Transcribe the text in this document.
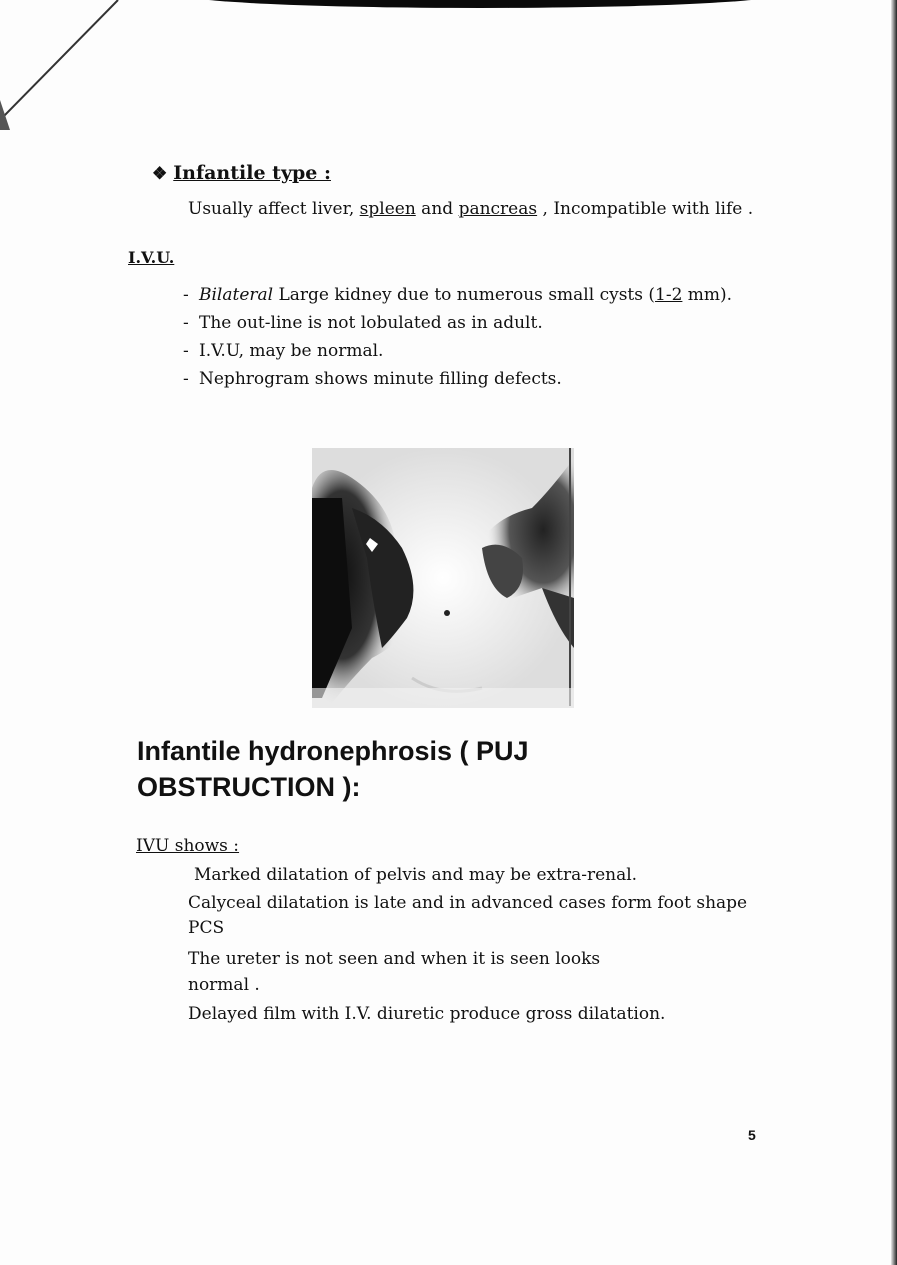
❖ Infantile type :
Usually affect liver, spleen and pancreas , Incompatible with life .
I.V.U.
- Bilateral Large kidney due to numerous small cysts (1-2 mm).
- The out-line is not lobulated as in adult.
- I.V.U, may be normal.
- Nephrogram shows minute filling defects.
Infantile hydronephrosis ( PUJ OBSTRUCTION ):
IVU shows :
Marked dilatation of pelvis and may be extra-renal.
Calyceal dilatation is late and in advanced cases form foot shape
PCS
The ureter is not seen and when it is seen looks
normal .
Delayed film with I.V. diuretic produce gross dilatation.
5
